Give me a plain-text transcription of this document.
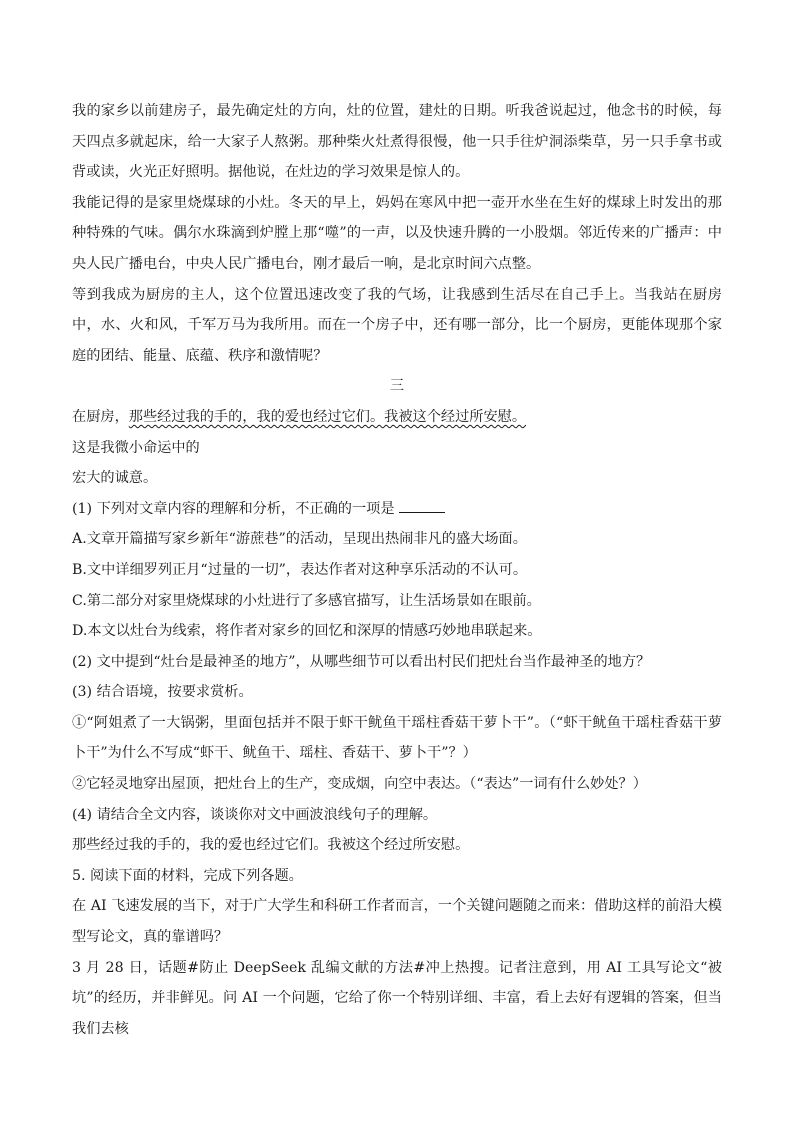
我的家乡以前建房子，最先确定灶的方向，灶的位置，建灶的日期。听我爸说起过，他念书的时候，每天四点多就起床，给一大家子人熬粥。那种柴火灶煮得很慢，他一只手往炉洞添柴草，另一只手拿书或背或读，火光正好照明。据他说，在灶边的学习效果是惊人的。

我能记得的是家里烧煤球的小灶。冬天的早上，妈妈在寒风中把一壶开水坐在生好的煤球上时发出的那种特殊的气味。偶尔水珠滴到炉膛上那“噬”的一声，以及快速升腾的一小股烟。邻近传来的广播声：中央人民广播电台，中央人民广播电台，刚才最后一响，是北京时间六点整。

等到我成为厨房的主人，这个位置迅速改变了我的气场，让我感到生活尽在自己手上。当我站在厨房中，水、火和风，千军万马为我所用。而在一个房子中，还有哪一部分，比一个厨房，更能体现那个家庭的团结、能量、底蕴、秩序和激情呢？

三

在厨房，那些经过我的手的，我的爱也经过它们。我被这个经过所安慰。

这是我微小命运中的

宏大的诚意。

(1) 下列对文章内容的理解和分析，不正确的一项是

A.文章开篇描写家乡新年“游蔗巷”的活动，呈现出热闹非凡的盛大场面。

B.文中详细罗列正月“过量的一切”，表达作者对这种享乐活动的不认可。

C.第二部分对家里烧煤球的小灶进行了多感官描写，让生活场景如在眼前。

D.本文以灶台为线索，将作者对家乡的回忆和深厚的情感巧妙地串联起来。

(2) 文中提到“灶台是最神圣的地方”，从哪些细节可以看出村民们把灶台当作最神圣的地方？

(3) 结合语境，按要求赏析。

①“阿姐煮了一大锅粥，里面包括并不限于虾干鱿鱼干瑶柱香菇干萝卜干”。（“虾干鱿鱼干瑶柱香菇干萝卜干”为什么不写成“虾干、鱿鱼干、瑶柱、香菇干、萝卜干”？）

②它轻灵地穿出屋顶，把灶台上的生产，变成烟，向空中表达。（“表达”一词有什么妙处？）

(4) 请结合全文内容，谈谈你对文中画波浪线句子的理解。

那些经过我的手的，我的爱也经过它们。我被这个经过所安慰。

5. 阅读下面的材料，完成下列各题。

在 AI 飞速发展的当下，对于广大学生和科研工作者而言，一个关键问题随之而来：借助这样的前沿大模型写论文，真的靠谱吗？

3 月 28 日，话题#防止 DeepSeek 乱编文献的方法#冲上热搜。记者注意到，用 AI 工具写论文“被坑”的经历，并非鲜见。问 AI 一个问题，它给了你一个特别详细、丰富，看上去好有逻辑的答案，但当我们去核
